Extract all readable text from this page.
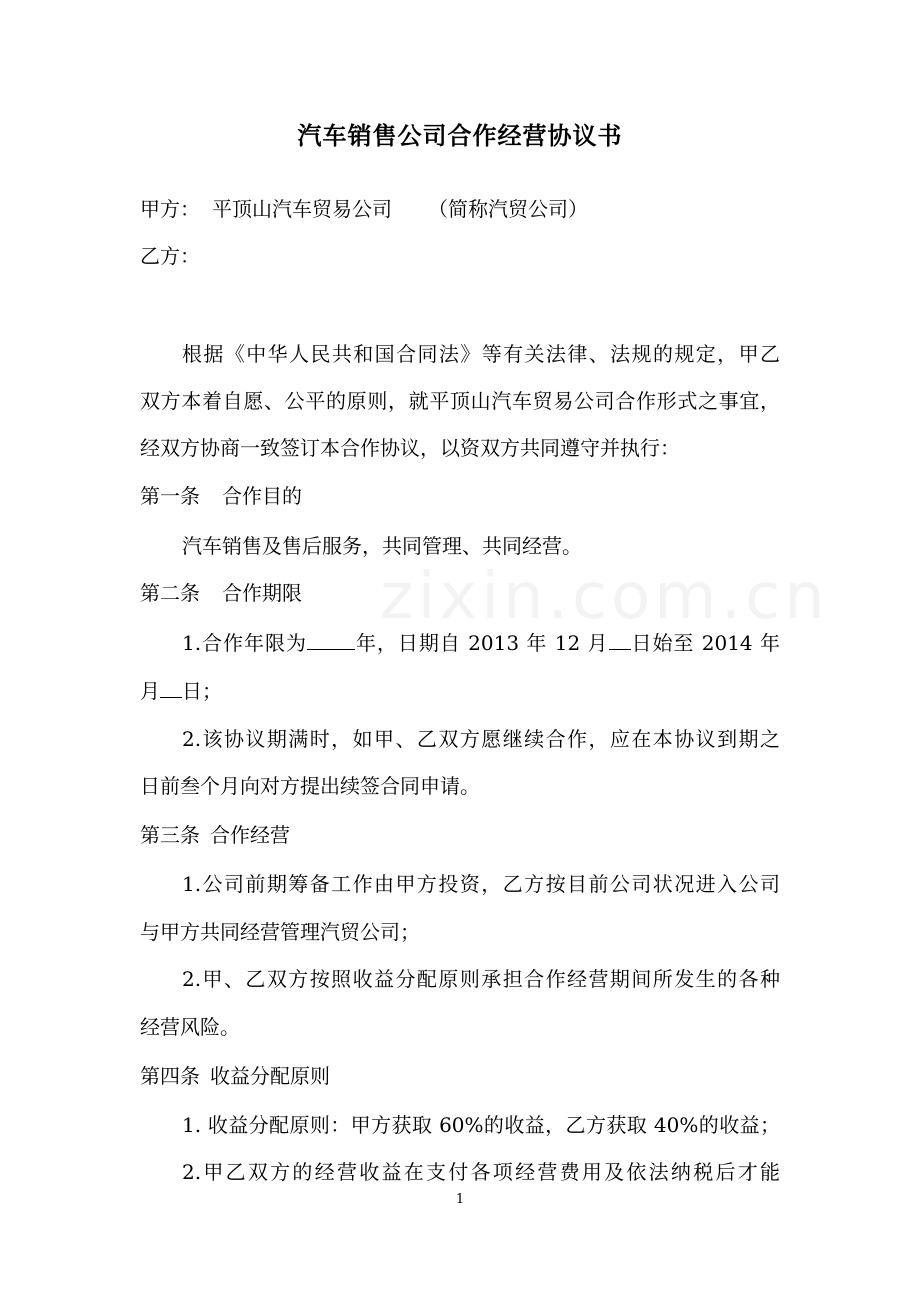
汽车销售公司合作经营协议书
甲方： 平顶山汽车贸易公司 （简称汽贸公司）
乙方：
根据《中华人民共和国合同法》等有关法律、法规的规定，甲乙
双方本着自愿、公平的原则，就平顶山汽车贸易公司合作形式之事宜，
经双方协商一致签订本合作协议，以资双方共同遵守并执行：
第一条 合作目的
汽车销售及售后服务，共同管理、共同经营。
第二条 合作期限
1.合作年限为 年，日期自 2013 年 12 月 日始至 2014 年
月 日；
2.该协议期满时，如甲、乙双方愿继续合作，应在本协议到期之
日前叁个月向对方提出续签合同申请。
第三条 合作经营
1.公司前期筹备工作由甲方投资，乙方按目前公司状况进入公司
与甲方共同经营管理汽贸公司；
2.甲、乙双方按照收益分配原则承担合作经营期间所发生的各种
经营风险。
第四条 收益分配原则
1. 收益分配原则：甲方获取 60%的收益，乙方获取 40%的收益；
2.甲乙双方的经营收益在支付各项经营费用及依法纳税后才能
1
